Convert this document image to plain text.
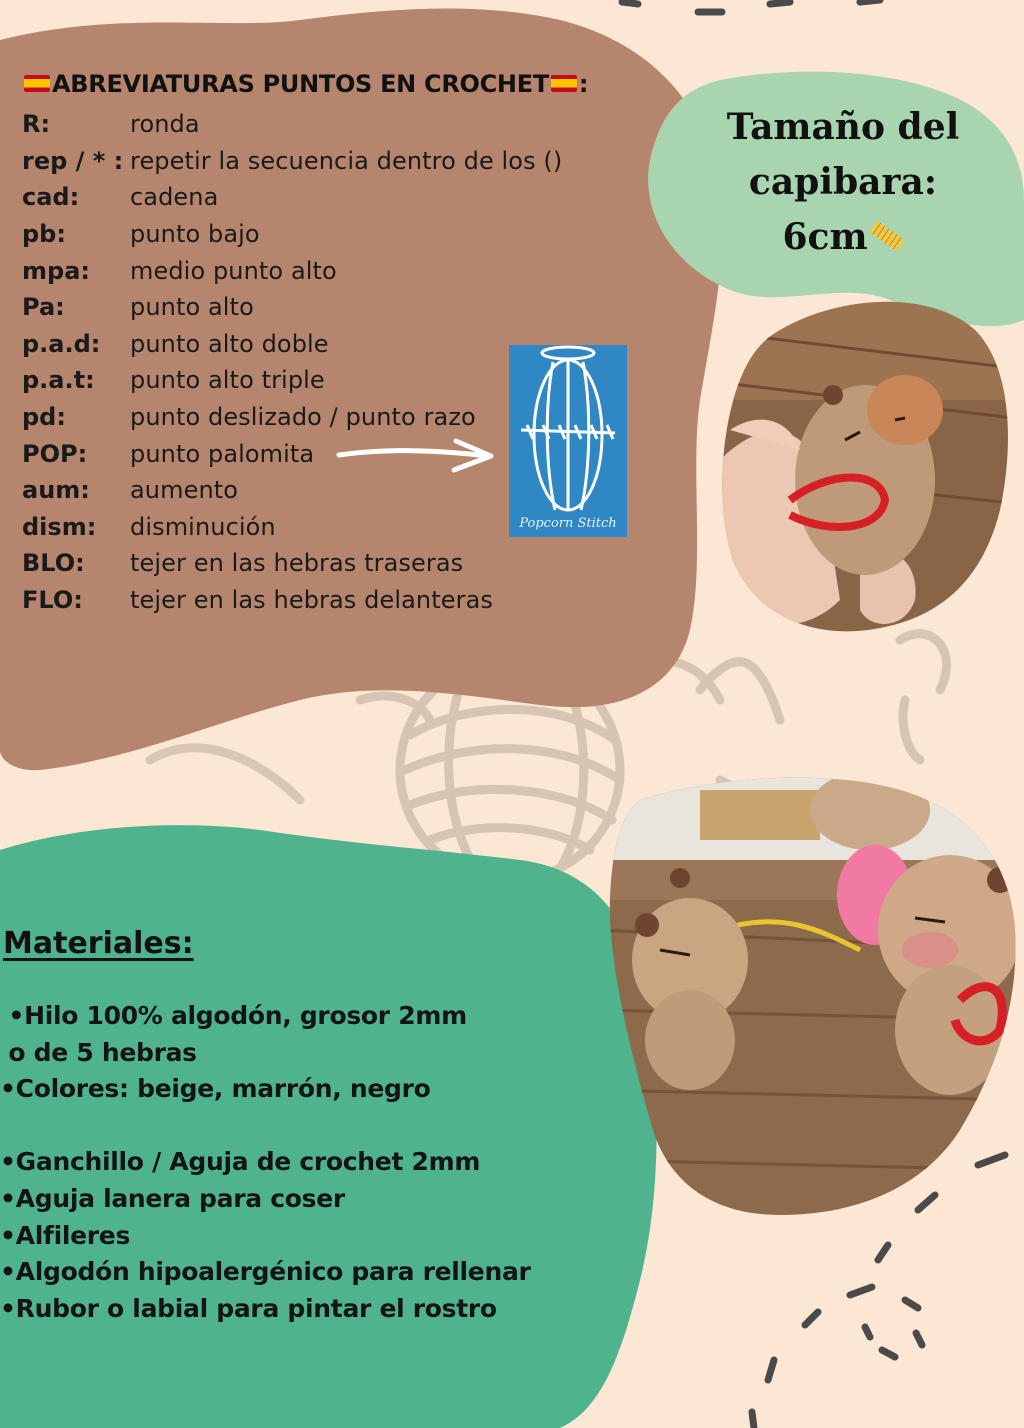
ABREVIATURAS PUNTOS EN CROCHET :
R:	ronda
rep / * : repetir la secuencia dentro de los ()
cad:	cadena
pb:	punto bajo
mpa:	medio punto alto
Pa:	punto alto
p.a.d:	punto alto doble
p.a.t:	punto alto triple
pd:	punto deslizado / punto razo
POP:	punto palomita
aum:	aumento
dism:	disminución
BLO:	tejer en las hebras traseras
FLO:	tejer en las hebras delanteras
Popcorn Stitch
Tamaño del
capibara:
6cm
Materiales:
•Hilo 100% algodón, grosor 2mm
o de 5 hebras
•Colores: beige, marrón, negro
•Ganchillo / Aguja de crochet 2mm
•Aguja lanera para coser
•Alfileres
•Algodón hipoalergénico para rellenar
•Rubor o labial para pintar el rostro
